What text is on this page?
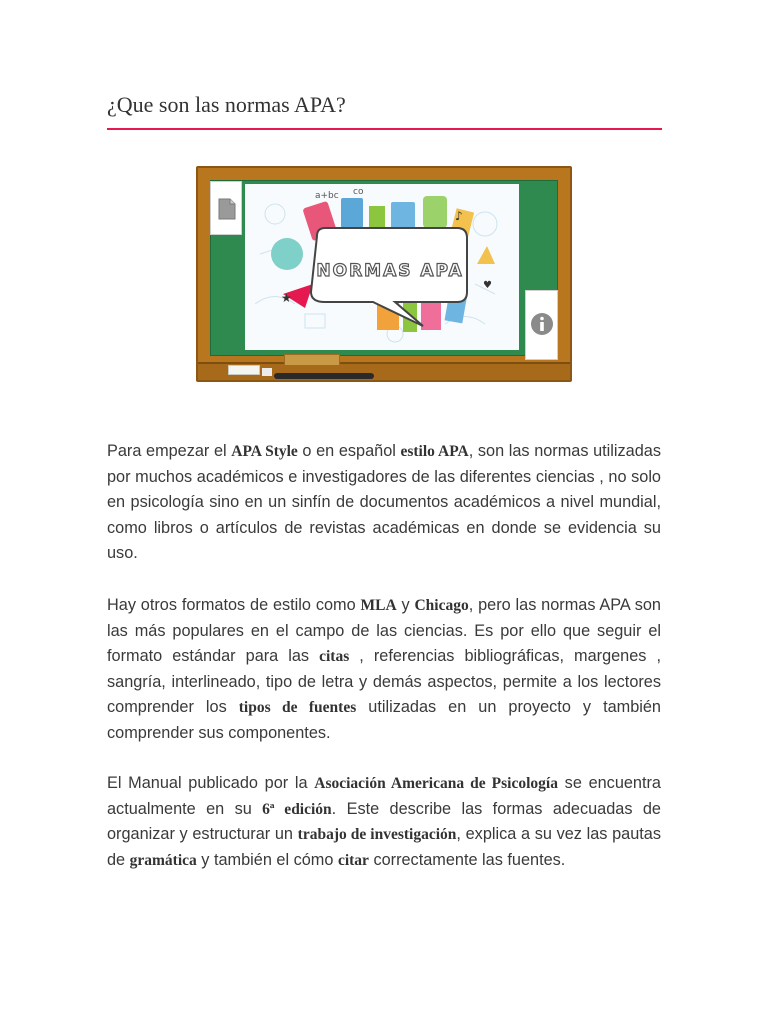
¿Que son las normas APA?
a+bc co
♪
★
♥
NORMAS APA

Para empezar el APA Style o en español estilo APA, son las normas utilizadas por muchos académicos e investigadores de las diferentes ciencias , no solo en psicología sino en un sinfín de documentos académicos a nivel mundial, como libros o artículos de revistas académicas en donde se evidencia su uso.

Hay otros formatos de estilo como MLA y Chicago, pero las normas APA son las más populares en el campo de las ciencias. Es por ello que seguir el formato estándar para las citas , referencias bibliográficas, margenes , sangría, interlineado, tipo de letra y demás aspectos, permite a los lectores comprender los tipos de fuentes utilizadas en un proyecto y también comprender sus componentes.

El Manual publicado por la Asociación Americana de Psicología se encuentra actualmente en su 6ª edición. Este describe las formas adecuadas de organizar y estructurar un trabajo de investigación, explica a su vez las pautas de gramática y también el cómo citar correctamente las fuentes.
